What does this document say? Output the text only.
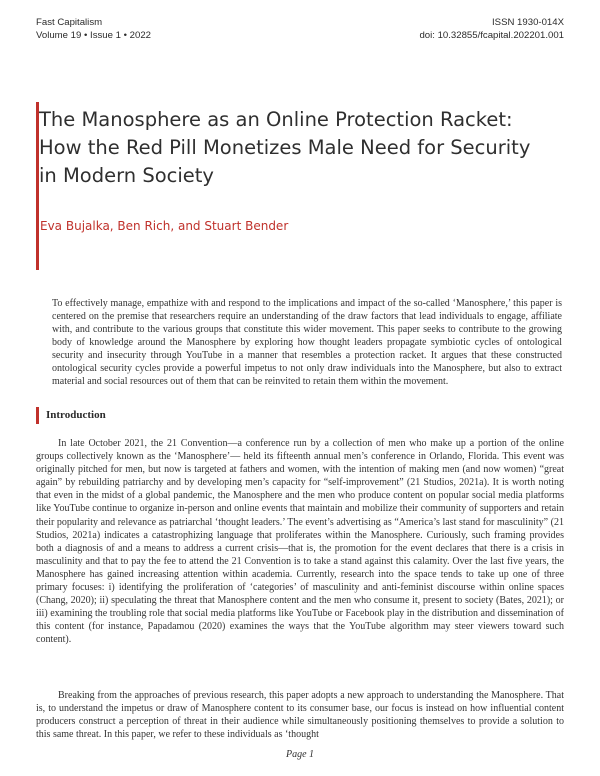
Fast Capitalism
Volume 19 • Issue 1 • 2022
ISSN 1930-014X
doi: 10.32855/fcapital.202201.001
The Manosphere as an Online Protection Racket:
How the Red Pill Monetizes Male Need for Security
in Modern Society
Eva Bujalka, Ben Rich, and Stuart Bender

To effectively manage, empathize with and respond to the implications and impact of the so-called ‘Manosphere,’ this paper is centered on the premise that researchers require an understanding of the draw factors that lead individuals to engage, affiliate with, and contribute to the various groups that constitute this wider movement. This paper seeks to contribute to the growing body of knowledge around the Manosphere by exploring how thought leaders propagate symbiotic cycles of ontological security and insecurity through YouTube in a manner that resembles a protection racket. It argues that these constructed ontological security cycles provide a powerful impetus to not only draw individuals into the Manosphere, but also to extract material and social resources out of them that can be reinvited to retain them within the movement.

Introduction

In late October 2021, the 21 Convention—a conference run by a collection of men who make up a portion of the online groups collectively known as the ‘Manosphere’— held its fifteenth annual men’s conference in Orlando, Florida. This event was originally pitched for men, but now is targeted at fathers and women, with the intention of making men (and now women) “great again” by rebuilding patriarchy and by developing men’s capacity for “self-improvement” (21 Studios, 2021a). It is worth noting that even in the midst of a global pandemic, the Manosphere and the men who produce content on popular social media platforms like YouTube continue to organize in-person and online events that maintain and mobilize their community of supporters and retain their popularity and relevance as patriarchal ‘thought leaders.’ The event’s advertising as “America’s last stand for masculinity” (21 Studios, 2021a) indicates a catastrophizing language that proliferates within the Manosphere. Curiously, such framing provides both a diagnosis of and a means to address a current crisis—that is, the promotion for the event declares that there is a crisis in masculinity and that to pay the fee to attend the 21 Convention is to take a stand against this calamity. Over the last five years, the Manosphere has gained increasing attention within academia. Currently, research into the space tends to take up one of three primary focuses: i) identifying the proliferation of ‘categories’ of masculinity and anti-feminist discourse within online spaces (Chang, 2020); ii) speculating the threat that Manosphere content and the men who consume it, present to society (Bates, 2021); or iii) examining the troubling role that social media platforms like YouTube or Facebook play in the distribution and dissemination of this content (for instance, Papadamou (2020) examines the ways that the YouTube algorithm may steer viewers toward such content).

Breaking from the approaches of previous research, this paper adopts a new approach to understanding the Manosphere. That is, to understand the impetus or draw of Manosphere content to its consumer base, our focus is instead on how influential content producers construct a perception of threat in their audience while simultaneously positioning themselves to provide a solution to this same threat. In this paper, we refer to these individuals as ‘thought

Page 1
